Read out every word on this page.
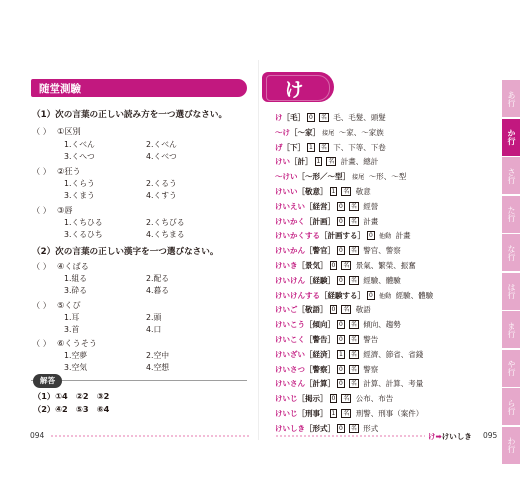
随堂測驗
（1）次の言葉の正しい読み方を一つ選びなさい。
（ ） ①区別
1.くべん	2.くべん
3.くへつ	4.くべつ
（ ） ②狂う
1.くらう	2.くるう
3.くまう	4.くすう
（ ） ③唇
1.くちひる	2.くちびる
3.くるひち	4.くちまる
（2）次の言葉の正しい漢字を一つ選びなさい。
（ ） ④くばる
1.組る	2.配る
3.砕る	4.暮る
（ ） ⑤くび
1.耳	2.頭
3.首	4.口
（ ） ⑥くうそう
1.空夢	2.空中
3.空気	4.空想
解答
（1）①4　②2　③2
（2）④2　⑤3　⑥4
094
け
け［毛］ 0 名 毛、毛髮、頭髮
～け［～家］ 接尾 ～家、～家族
げ［下］ 1 名 下、下等、下卷
けい［計］ 1 名 計畫、總計
～けい［～形／～型］ 接尾 ～形、～型
けいい［敬意］ 1 名 敬意
けいえい［経営］ 0 名 經營
けいかく［計画］ 0 名 計畫
けいかくする［計画する］ 0 他動 計畫
けいかん［警官］ 0 名 警官、警察
けいき［景気］ 0 名 景氣、繁榮、振奮
けいけん［経験］ 0 名 經驗、體驗
けいけんする［経験する］ 0 他動 經驗、體驗
けいご［敬語］ 0 名 敬語
けいこう［傾向］ 0 名 傾向、趨勢
けいこく［警告］ 0 名 警告
けいざい［経済］ 1 名 經濟、節省、省錢
けいさつ［警察］ 0 名 警察
けいさん［計算］ 0 名 計算、計算、考量
けいじ［掲示］ 0 名 公布、布告
けいじ［刑事］ 1 名 刑警、刑事（案件）
けいしき［形式］ 0 名 形式
あ行
か行
さ行
た行
な行
は行
ま行
や行
ら行
わ行
け➡けいしき 095
